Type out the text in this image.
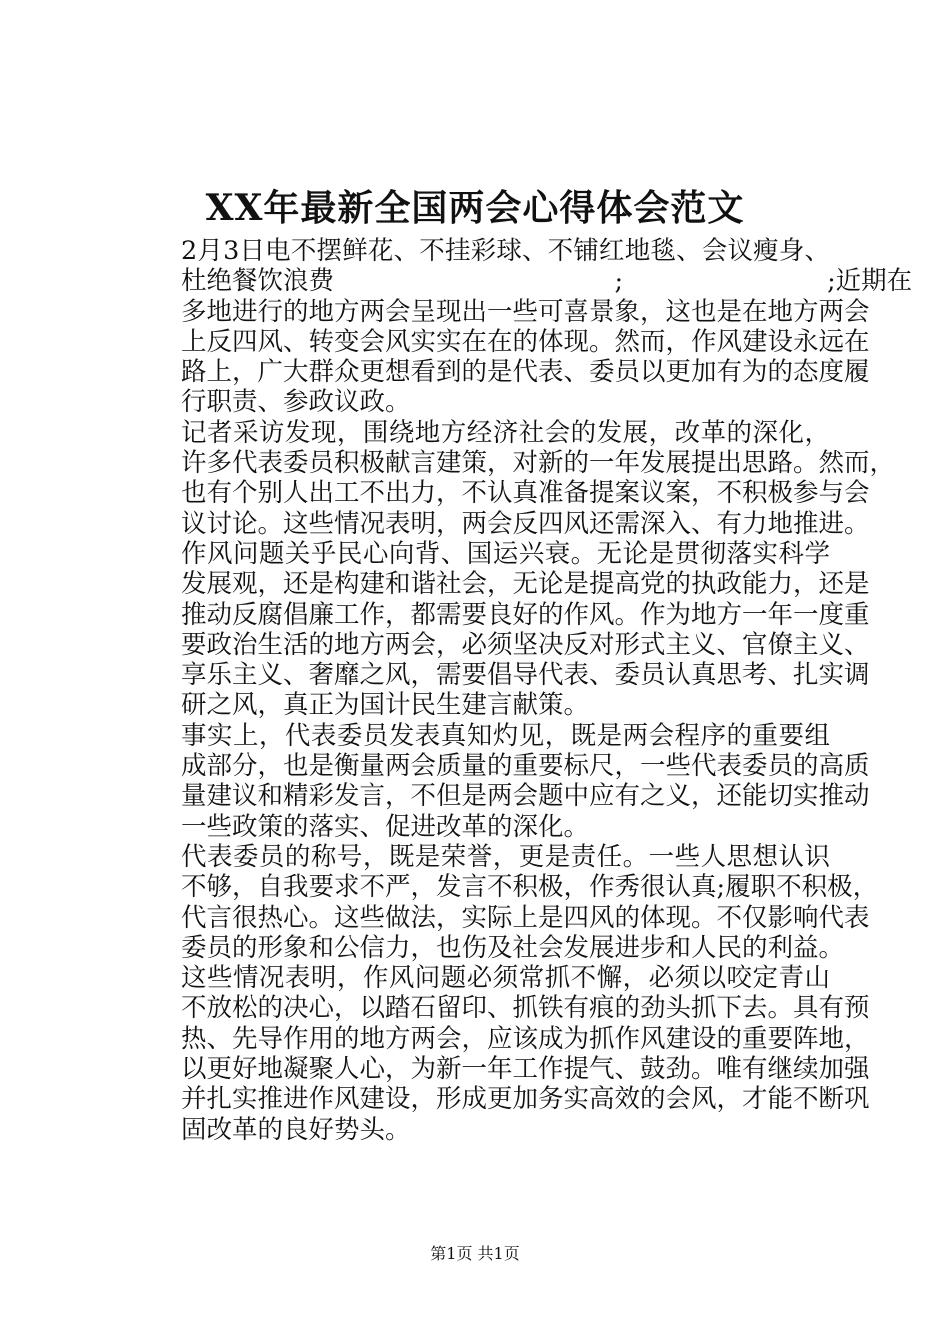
XX年最新全国两会心得体会范文
2月3日电不摆鲜花、不挂彩球、不铺红地毯、会议瘦身、
杜绝餐饮浪费　　　　　　　　　　　;　　　　　　　　;近期在
多地进行的地方两会呈现出一些可喜景象，这也是在地方两会
上反四风、转变会风实实在在的体现。然而，作风建设永远在
路上，广大群众更想看到的是代表、委员以更加有为的态度履
行职责、参政议政。
记者采访发现，围绕地方经济社会的发展，改革的深化，
许多代表委员积极献言建策，对新的一年发展提出思路。然而，
也有个别人出工不出力，不认真准备提案议案，不积极参与会
议讨论。这些情况表明，两会反四风还需深入、有力地推进。
作风问题关乎民心向背、国运兴衰。无论是贯彻落实科学
发展观，还是构建和谐社会，无论是提高党的执政能力，还是
推动反腐倡廉工作，都需要良好的作风。作为地方一年一度重
要政治生活的地方两会，必须坚决反对形式主义、官僚主义、
享乐主义、奢靡之风，需要倡导代表、委员认真思考、扎实调
研之风，真正为国计民生建言献策。
事实上，代表委员发表真知灼见，既是两会程序的重要组
成部分，也是衡量两会质量的重要标尺，一些代表委员的高质
量建议和精彩发言，不但是两会题中应有之义，还能切实推动
一些政策的落实、促进改革的深化。
代表委员的称号，既是荣誉，更是责任。一些人思想认识
不够，自我要求不严，发言不积极，作秀很认真;履职不积极，
代言很热心。这些做法，实际上是四风的体现。不仅影响代表
委员的形象和公信力，也伤及社会发展进步和人民的利益。
这些情况表明，作风问题必须常抓不懈，必须以咬定青山
不放松的决心，以踏石留印、抓铁有痕的劲头抓下去。具有预
热、先导作用的地方两会，应该成为抓作风建设的重要阵地，
以更好地凝聚人心，为新一年工作提气、鼓劲。唯有继续加强
并扎实推进作风建设，形成更加务实高效的会风，才能不断巩
固改革的良好势头。
第1页 共1页
